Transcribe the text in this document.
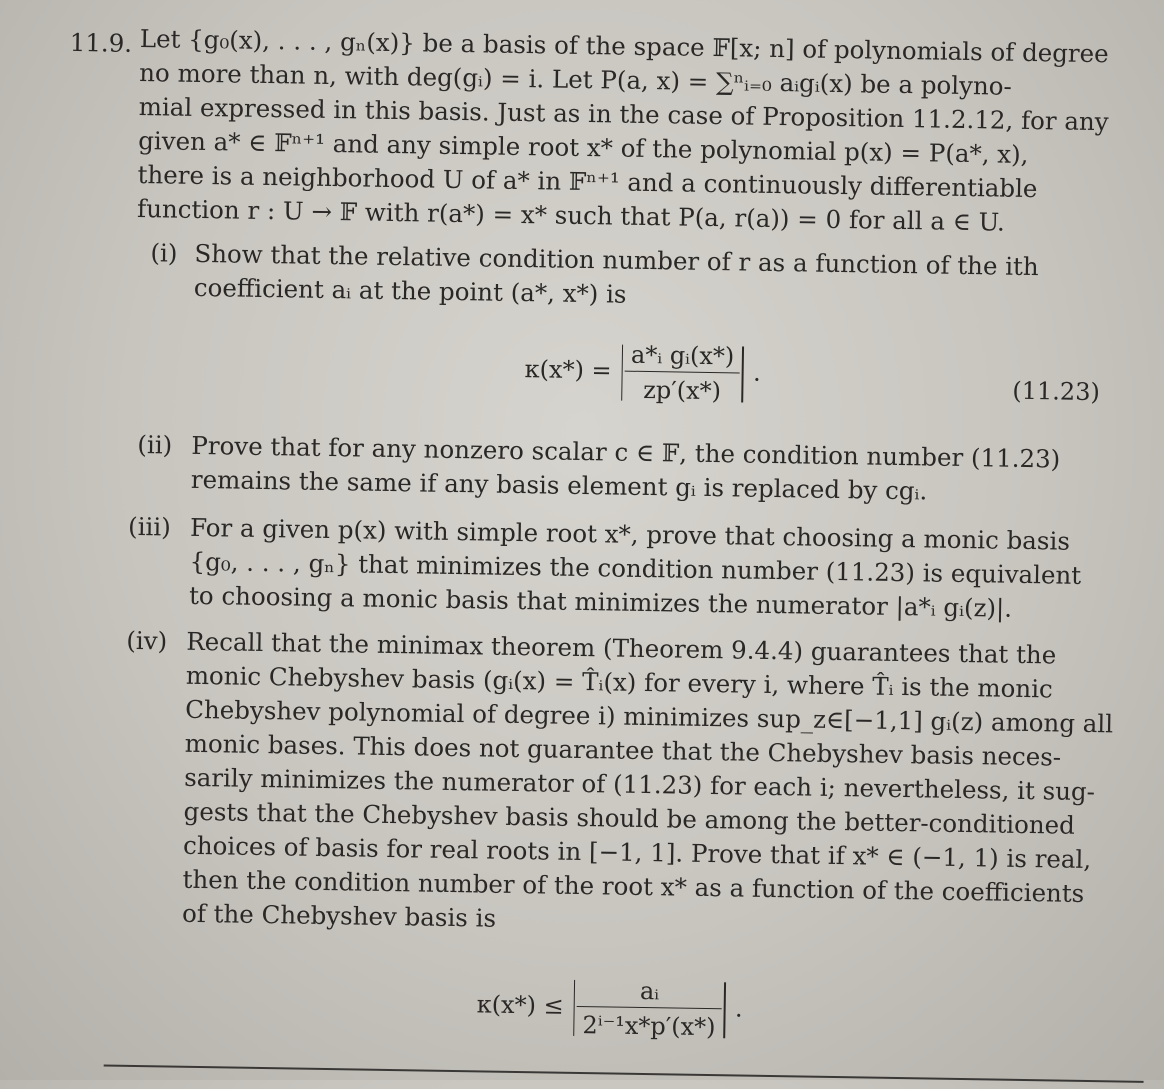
11.9. Let {g₀(x), . . . , gₙ(x)} be a basis of the space 𝔽[x; n] of polynomials of degree
no more than n, with deg(gᵢ) = i. Let P(a, x) = ∑ⁿᵢ₌₀ aᵢgᵢ(x) be a polyno-
mial expressed in this basis. Just as in the case of Proposition 11.2.12, for any
given a* ∈ 𝔽ⁿ⁺¹ and any simple root x* of the polynomial p(x) = P(a*, x),
there is a neighborhood U of a* in 𝔽ⁿ⁺¹ and a continuously differentiable
function r : U → 𝔽 with r(a*) = x* such that P(a, r(a)) = 0 for all a ∈ U.
(i) Show that the relative condition number of r as a function of the ith
coefficient aᵢ at the point (a*, x*) is
$\kappa(x*) = \frac{\text{a*ᵢ gᵢ(x*)}}{zp'(x*)}$ .
(11.23)
(ii) Prove that for any nonzero scalar c ∈ 𝔽, the condition number (11.23)
remains the same if any basis element gᵢ is replaced by cgᵢ.
(iii) For a given p(x) with simple root x*, prove that choosing a monic basis
{g₀, . . . , gₙ} that minimizes the condition number (11.23) is equivalent
to choosing a monic basis that minimizes the numerator |a*ᵢ gᵢ(z)|.
(iv) Recall that the minimax theorem (Theorem 9.4.4) guarantees that the
monic Chebyshev basis (gᵢ(x) = T̂ᵢ(x) for every i, where T̂ᵢ is the monic
Chebyshev polynomial of degree i) minimizes sup_z∈[−1,1] gᵢ(z) among all
monic bases. This does not guarantee that the Chebyshev basis neces-
sarily minimizes the numerator of (11.23) for each i; nevertheless, it sug-
gests that the Chebyshev basis should be among the better-conditioned
choices of basis for real roots in [−1, 1]. Prove that if x* ∈ (−1, 1) is real,
then the condition number of the root x* as a function of the coefficients
of the Chebyshev basis is
$\kappa(x*) \le \frac{\text{aᵢ}}{\text{2ⁱ⁻¹x*p′(x*)}}$ .
